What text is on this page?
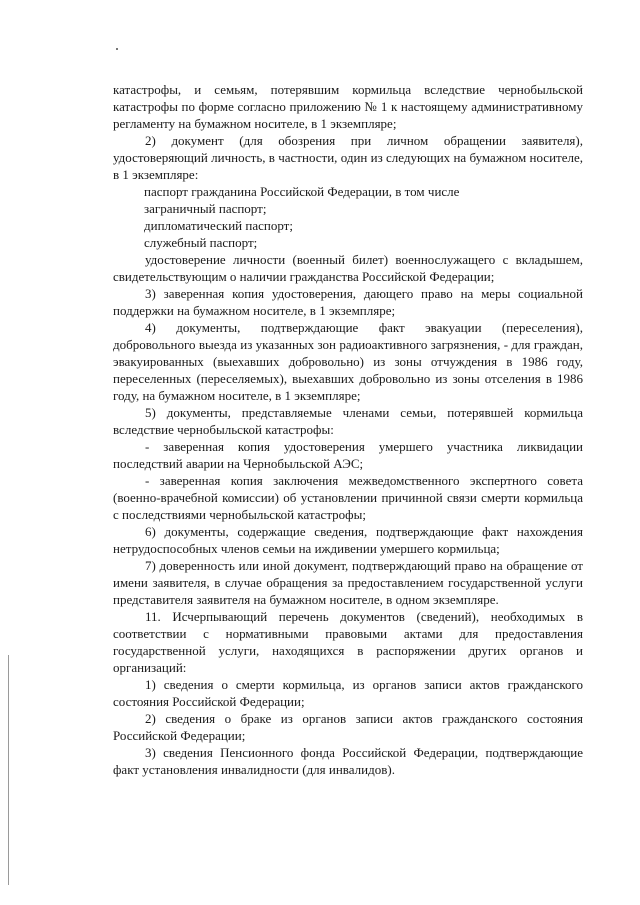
катастрофы, и семьям, потерявшим кормильца вследствие чернобыльской катастрофы по форме согласно приложению № 1 к настоящему административному регламенту на бумажном носителе, в 1 экземпляре;

2) документ (для обозрения при личном обращении заявителя), удостоверяющий личность, в частности, один из следующих на бумажном носителе, в 1 экземпляре:

паспорт гражданина Российской Федерации, в том числе

заграничный паспорт;

дипломатический паспорт;

служебный паспорт;

удостоверение личности (военный билет) военнослужащего с вкладышем, свидетельствующим о наличии гражданства Российской Федерации;

3) заверенная копия удостоверения, дающего право на меры социальной поддержки на бумажном носителе, в 1 экземпляре;

4) документы, подтверждающие факт эвакуации (переселения), добровольного выезда из указанных зон радиоактивного загрязнения, - для граждан, эвакуированных (выехавших добровольно) из зоны отчуждения в 1986 году, переселенных (переселяемых), выехавших добровольно из зоны отселения в 1986 году, на бумажном носителе, в 1 экземпляре;

5) документы, представляемые членами семьи, потерявшей кормильца вследствие чернобыльской катастрофы:

- заверенная копия удостоверения умершего участника ликвидации последствий аварии на Чернобыльской АЭС;

- заверенная копия заключения межведомственного экспертного совета (военно-врачебной комиссии) об установлении причинной связи смерти кормильца с последствиями чернобыльской катастрофы;

6) документы, содержащие сведения, подтверждающие факт нахождения нетрудоспособных членов семьи на иждивении умершего кормильца;

7) доверенность или иной документ, подтверждающий право на обращение от имени заявителя, в случае обращения за предоставлением государственной услуги представителя заявителя на бумажном носителе, в одном экземпляре.

11. Исчерпывающий перечень документов (сведений), необходимых в соответствии с нормативными правовыми актами для предоставления государственной услуги, находящихся в распоряжении других органов и организаций:

1) сведения о смерти кормильца, из органов записи актов гражданского состояния Российской Федерации;

2) сведения о браке из органов записи актов гражданского состояния Российской Федерации;

3) сведения Пенсионного фонда Российской Федерации, подтверждающие факт установления инвалидности (для инвалидов).
